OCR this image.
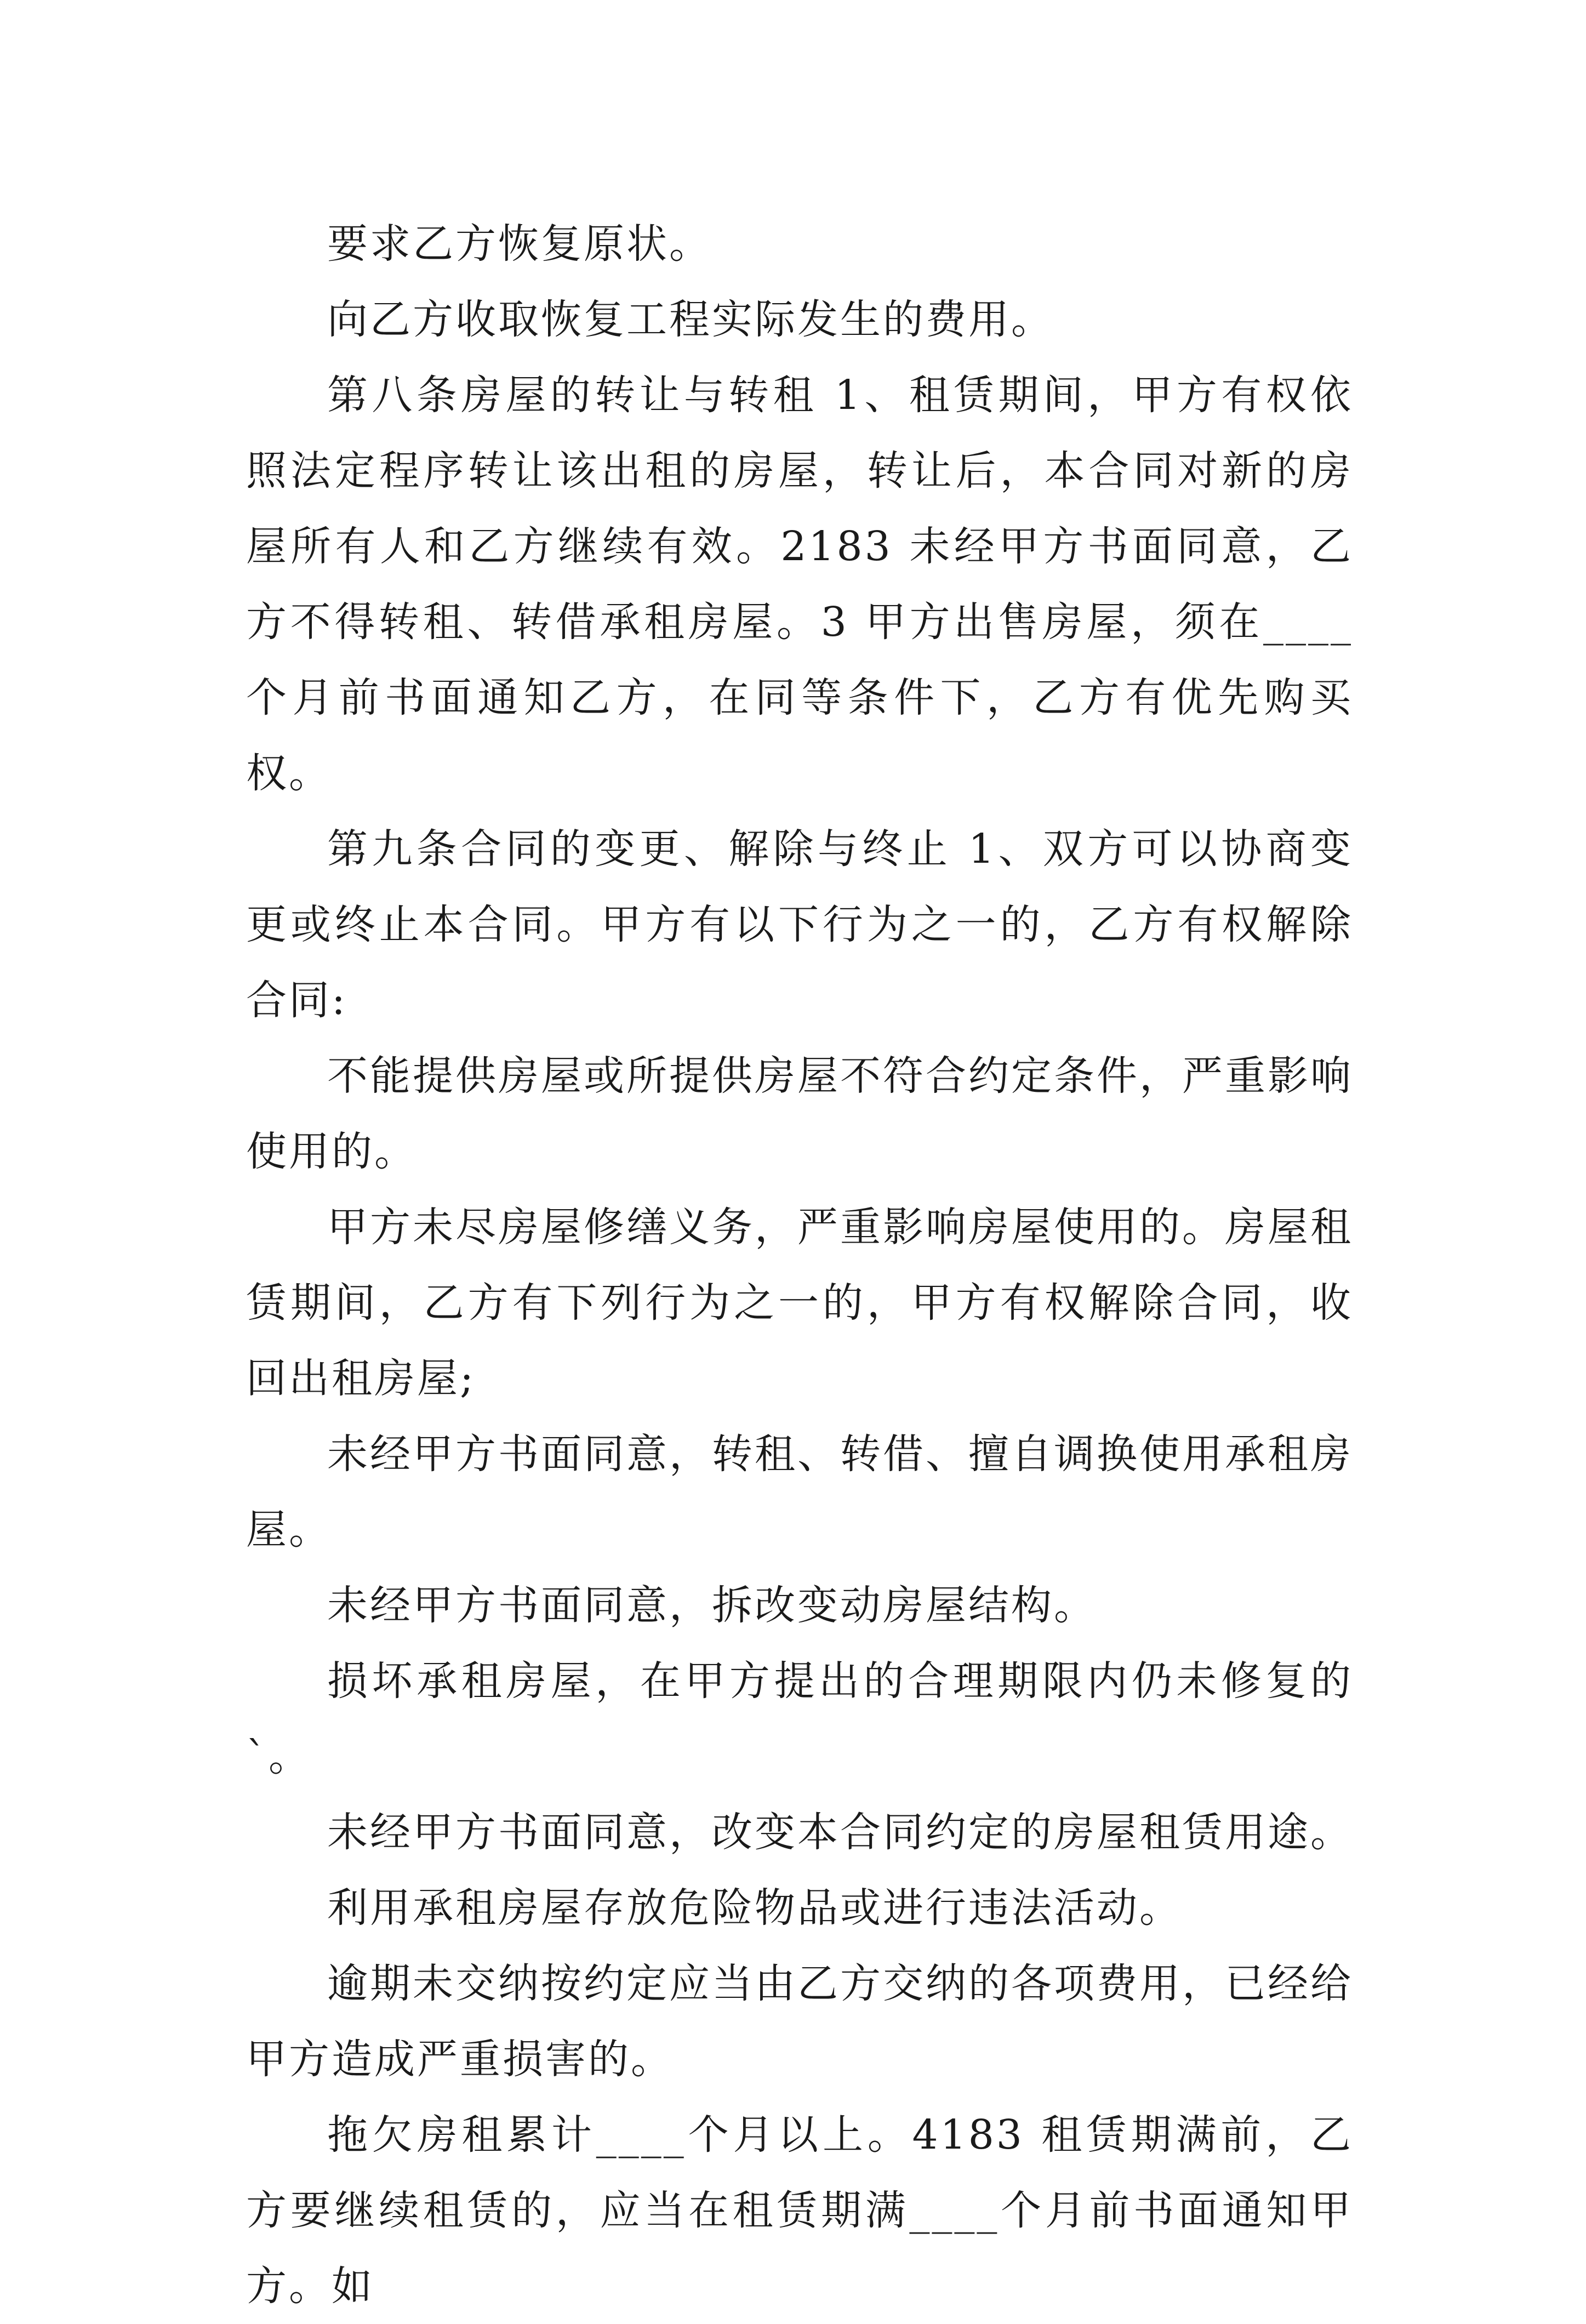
要求乙方恢复原状。

向乙方收取恢复工程实际发生的费用。

第八条房屋的转让与转租 1、租赁期间，甲方有权依照法定程序转让该出租的房屋，转让后，本合同对新的房屋所有人和乙方继续有效。2183 未经甲方书面同意，乙方不得转租、转借承租房屋。3 甲方出售房屋，须在____个月前书面通知乙方，在同等条件下，乙方有优先购买权。

第九条合同的变更、解除与终止 1、双方可以协商变更或终止本合同。甲方有以下行为之一的，乙方有权解除合同:

不能提供房屋或所提供房屋不符合约定条件，严重影响使用的。

甲方未尽房屋修缮义务，严重影响房屋使用的。房屋租赁期间，乙方有下列行为之一的，甲方有权解除合同，收回出租房屋;

未经甲方书面同意，转租、转借、擅自调换使用承租房屋。

未经甲方书面同意，拆改变动房屋结构。

损坏承租房屋，在甲方提出的合理期限内仍未修复的`。

未经甲方书面同意，改变本合同约定的房屋租赁用途。

利用承租房屋存放危险物品或进行违法活动。

逾期未交纳按约定应当由乙方交纳的各项费用，已经给甲方造成严重损害的。

拖欠房租累计____个月以上。4183 租赁期满前，乙方要继续租赁的，应当在租赁期满____个月前书面通知甲方。如
